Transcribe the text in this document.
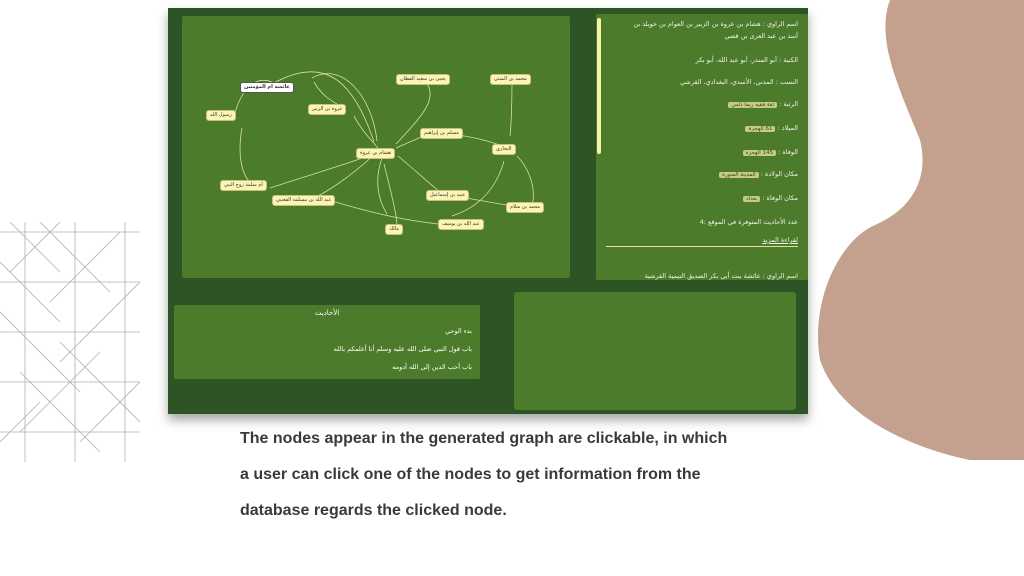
عائشة ام المؤمنين
رسول الله
عروة بن الزبير
يحيى بن سعيد القطان	محمد بن المثنى
هشام بن عروة
مسلم بن إبراهيم
البخاري
أم سلمة زوج النبي
عبد الله بن مسلمة القعنبي
عبيد بن إسماعيل
محمد بن سلام
مالك
عبد الله بن يوسف
اسم الراوي : هشام بن عروة بن الزبير بن العوام بن خويلد بن
أسد بن عبد العزى بن قصي
الكنية : أبو المنذر، أبو عبد الله، أبو بكر
النسب : المدني، الأسدي، البغدادي، القرشي
الرتبة :ثقة فقيه ربما دلس
الميلاد :61 الهجرة
الوفاة :145 الهجرة
مكان الولادة :المدينة المنورة
مكان الوفاة :بغداد
عدد الأحاديث المتوفرة في الموقع :4
لقراءة المزيد
اسم الراوي : عائشة بنت أبي بكر الصديق التيمية القرشية
الأحاديث
بدء الوحي
باب قول النبي صلى الله عليه وسلم أنا أعلمكم بالله
باب أحب الدين إلى الله أدومه
The nodes appear in the generated graph are clickable, in which
a user can click one of the nodes to get information from the
database regards the clicked node.
